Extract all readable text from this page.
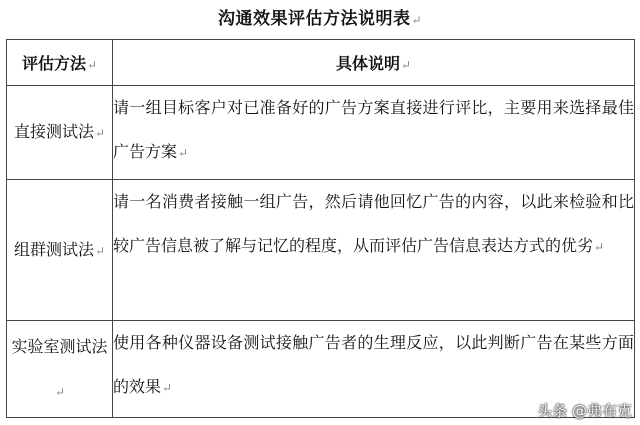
沟通效果评估方法说明表↵
评估方法↵	具体说明↵
直接测试法↵	请一组目标客户对已准备好的广告方案直接进行评比，主要用来选择最佳广告方案↵
组群测试法↵	请一名消费者接触一组广告，然后请他回忆广告的内容，以此来检验和比较广告信息被了解与记忆的程度，从而评估广告信息表达方式的优劣↵
实验室测试法↵	使用各种仪器设备测试接触广告者的生理反应，以此判断广告在某些方面的效果↵
头条 @弗布克
